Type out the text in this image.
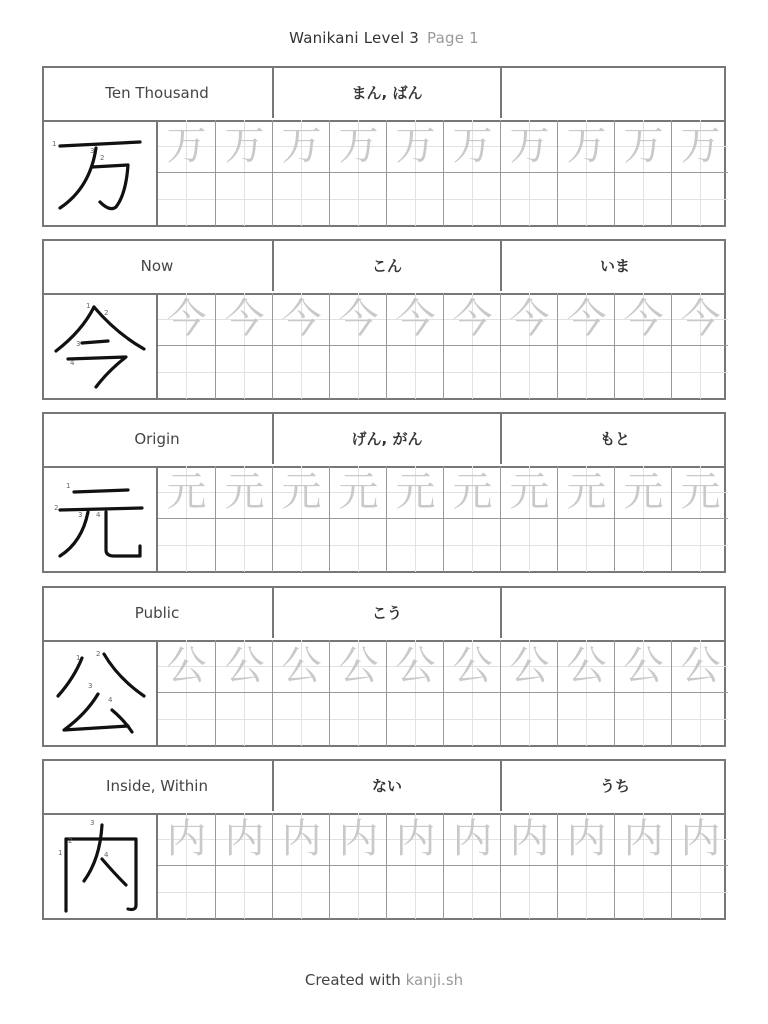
Wanikani Level 3 Page 1
Ten Thousand	まん, ばん
1
3
2 万 万 万 万 万 万 万 万 万 万
Now	こん	いま
1
2
3
4
今 今 今 今 今 今 今 今 今 今
Origin	げん, がん	もと
1
2
3 4 元 元 元 元 元 元 元 元 元 元
Public	こう
1 2
3
4
公 公 公 公 公 公 公 公 公 公
Inside, Within	ない	うち
1
2
3
4 内 内 内 内 内 内 内 内 内 内
Created with kanji.sh
